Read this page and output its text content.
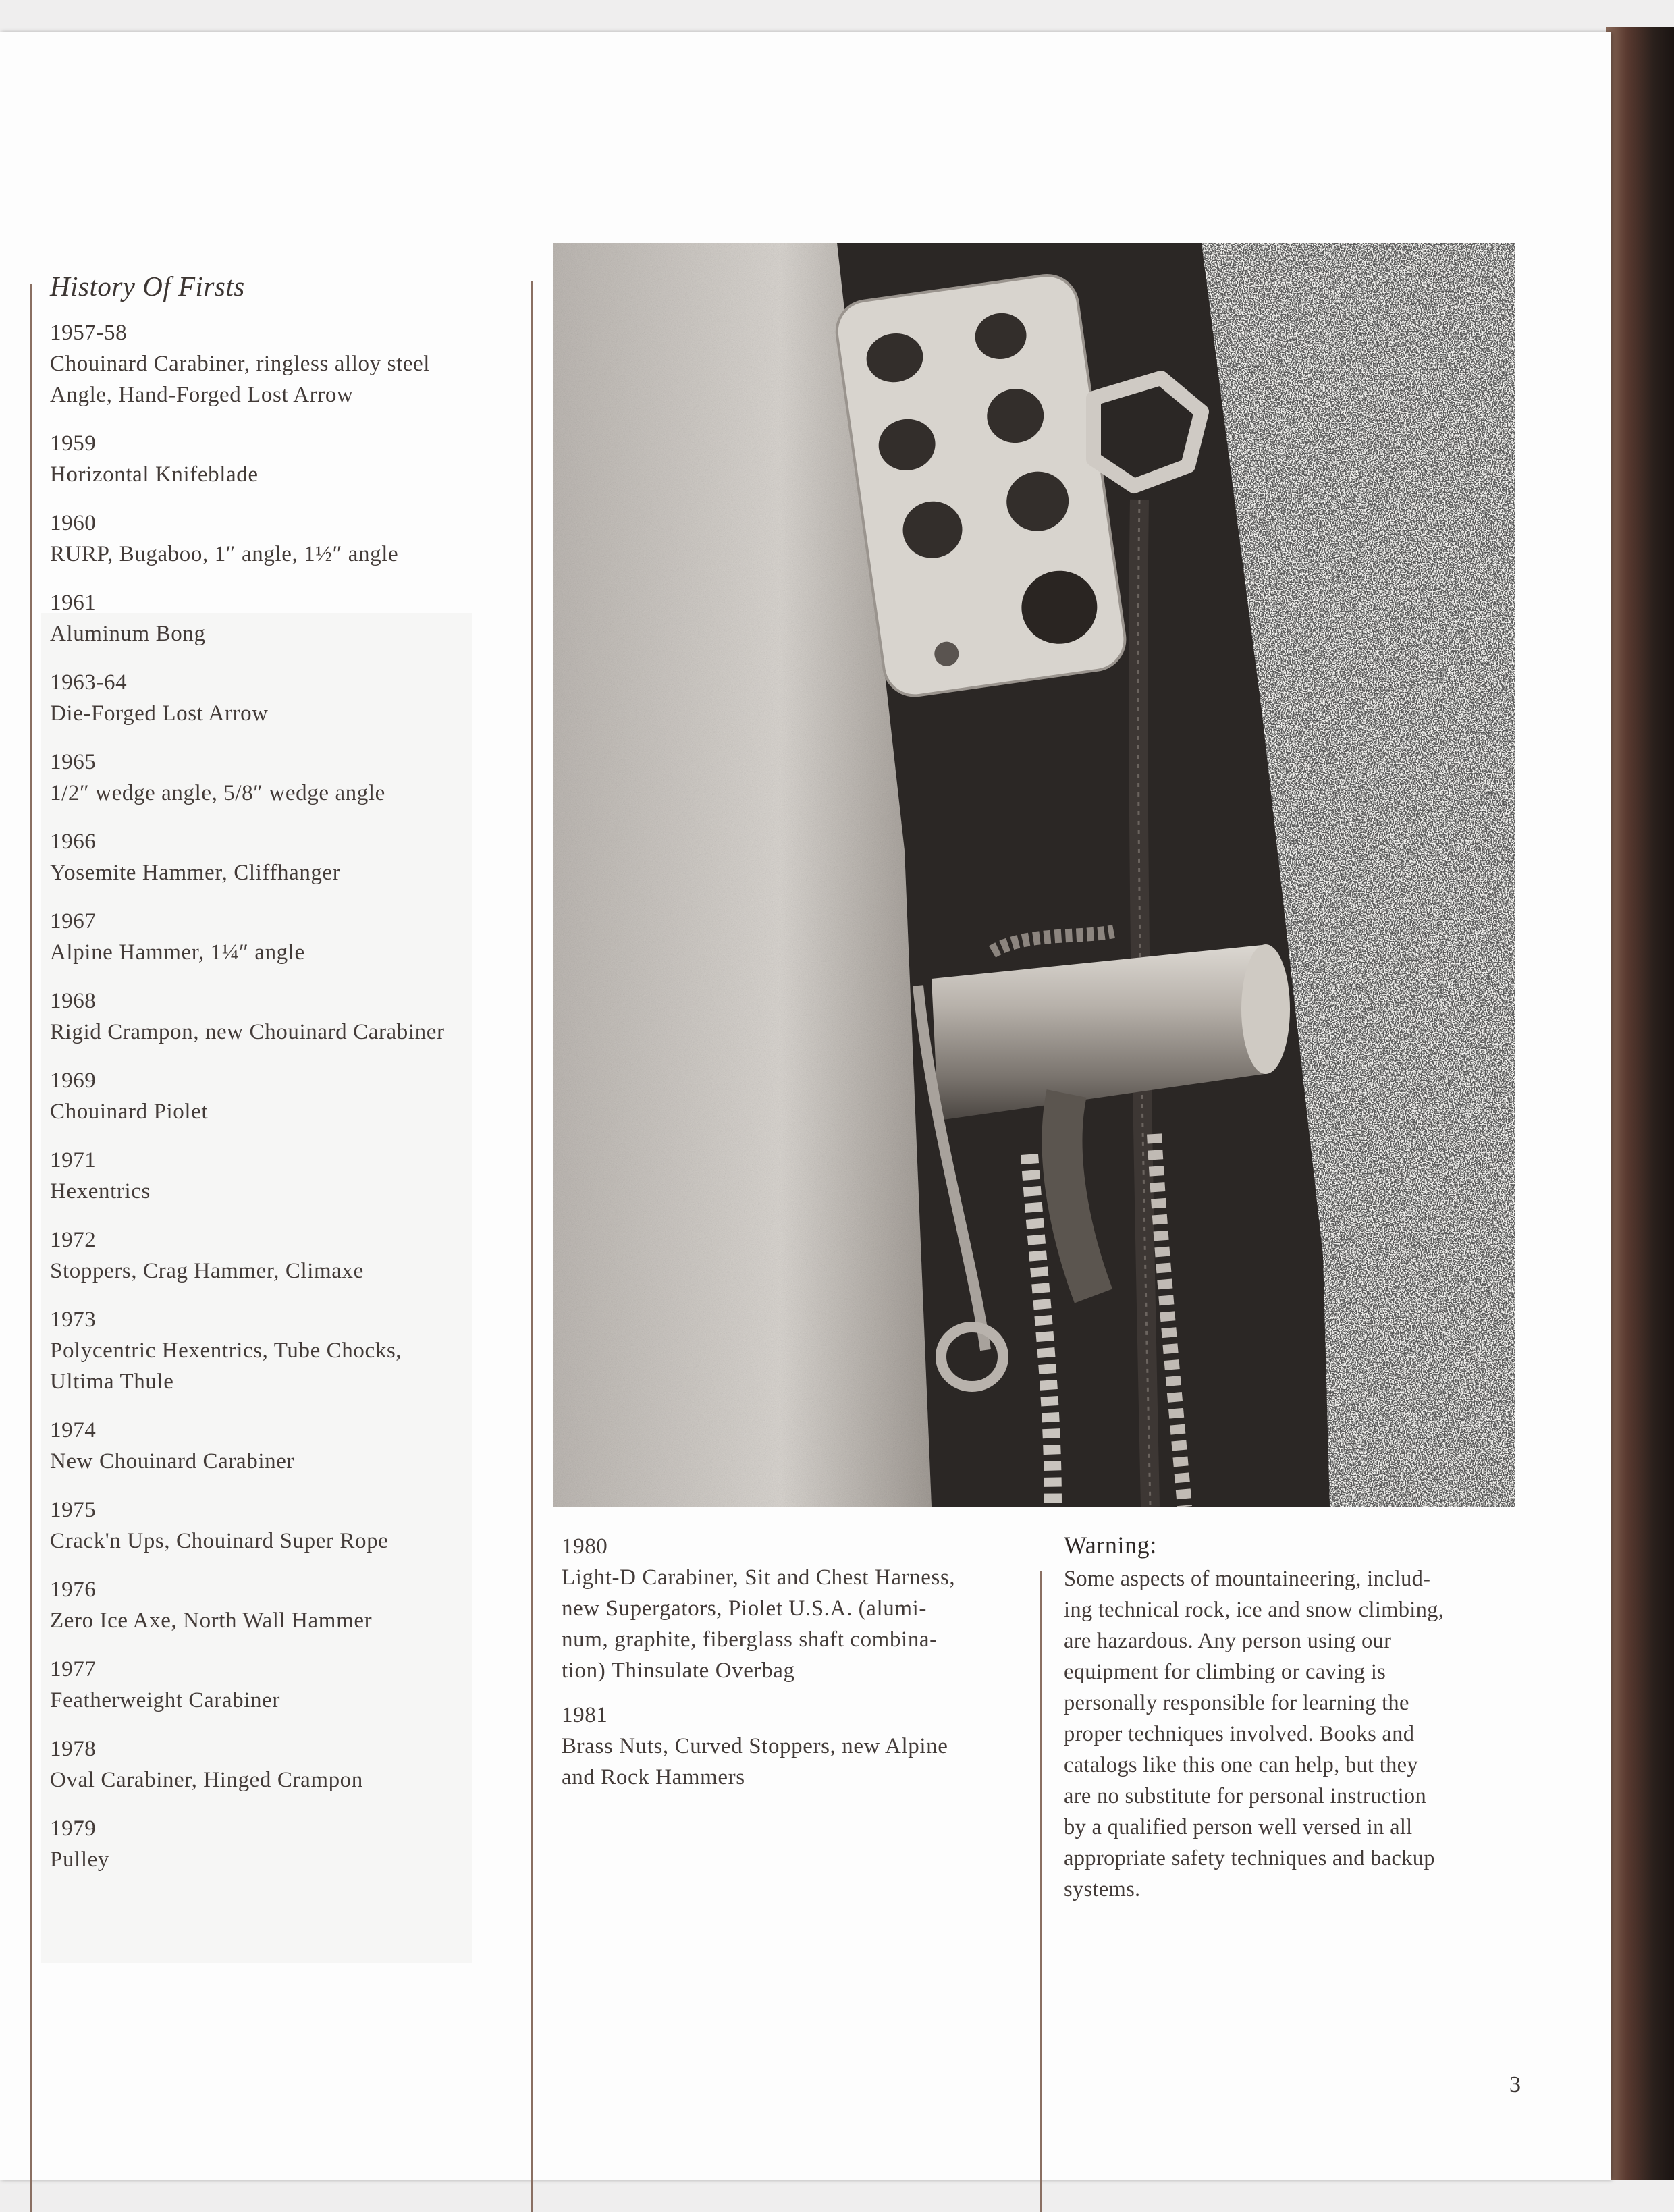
History Of Firsts
1957-58
Chouinard Carabiner, ringless alloy steel
Angle, Hand-Forged Lost Arrow
1959
Horizontal Knifeblade
1960
RURP, Bugaboo, 1″ angle, 1½″ angle
1961
Aluminum Bong
1963-64
Die-Forged Lost Arrow
1965
1/2″ wedge angle, 5/8″ wedge angle
1966
Yosemite Hammer, Cliffhanger
1967
Alpine Hammer, 1¼″ angle
1968
Rigid Crampon, new Chouinard Carabiner
1969
Chouinard Piolet
1971
Hexentrics
1972
Stoppers, Crag Hammer, Climaxe
1973
Polycentric Hexentrics, Tube Chocks,
Ultima Thule
1974
New Chouinard Carabiner
1975
Crack'n Ups, Chouinard Super Rope
1976
Zero Ice Axe, North Wall Hammer
1977
Featherweight Carabiner
1978
Oval Carabiner, Hinged Crampon
1979
Pulley
1980
Light-D Carabiner, Sit and Chest Harness,
new Supergators, Piolet U.S.A. (alumi-
num, graphite, fiberglass shaft combina-
tion) Thinsulate Overbag
1981
Brass Nuts, Curved Stoppers, new Alpine
and Rock Hammers
Warning:
Some aspects of mountaineering, includ-
ing technical rock, ice and snow climbing,
are hazardous. Any person using our
equipment for climbing or caving is
personally responsible for learning the
proper techniques involved. Books and
catalogs like this one can help, but they
are no substitute for personal instruction
by a qualified person well versed in all
appropriate safety techniques and backup
systems.
3
